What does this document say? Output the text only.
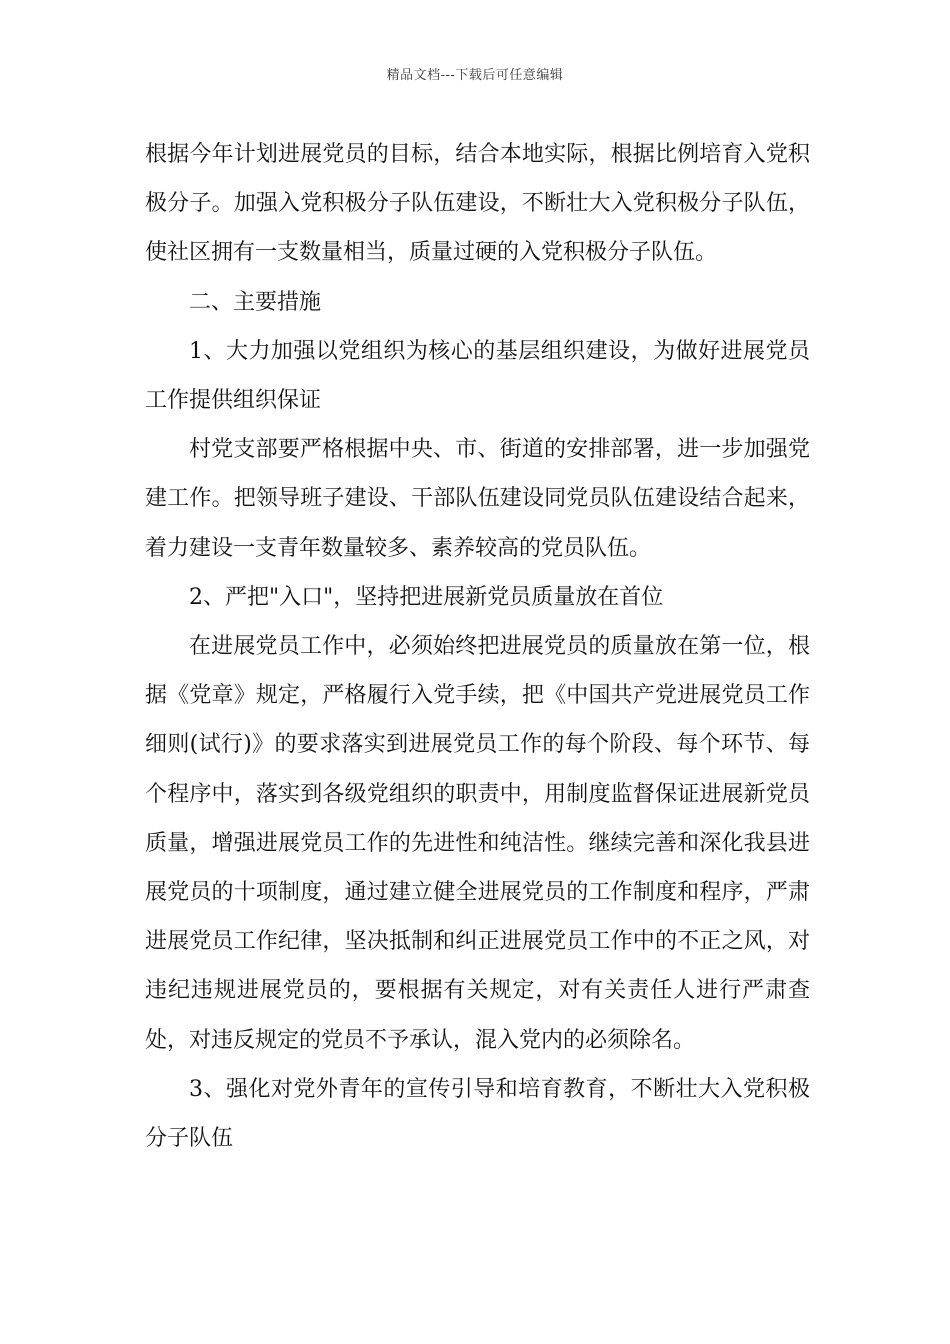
精品文档---下载后可任意编辑

根据今年计划进展党员的目标，结合本地实际，根据比例培育入党积极分子。加强入党积极分子队伍建设，不断壮大入党积极分子队伍，使社区拥有一支数量相当，质量过硬的入党积极分子队伍。

二、主要措施

1、大力加强以党组织为核心的基层组织建设，为做好进展党员工作提供组织保证

村党支部要严格根据中央、市、街道的安排部署，进一步加强党建工作。把领导班子建设、干部队伍建设同党员队伍建设结合起来，着力建设一支青年数量较多、素养较高的党员队伍。

2、严把"入口"，坚持把进展新党员质量放在首位

在进展党员工作中，必须始终把进展党员的质量放在第一位，根据《党章》规定，严格履行入党手续，把《中国共产党进展党员工作细则(试行)》的要求落实到进展党员工作的每个阶段、每个环节、每个程序中，落实到各级党组织的职责中，用制度监督保证进展新党员质量，增强进展党员工作的先进性和纯洁性。继续完善和深化我县进展党员的十项制度，通过建立健全进展党员的工作制度和程序，严肃进展党员工作纪律，坚决抵制和纠正进展党员工作中的不正之风，对违纪违规进展党员的，要根据有关规定，对有关责任人进行严肃查处，对违反规定的党员不予承认，混入党内的必须除名。

3、强化对党外青年的宣传引导和培育教育，不断壮大入党积极分子队伍
